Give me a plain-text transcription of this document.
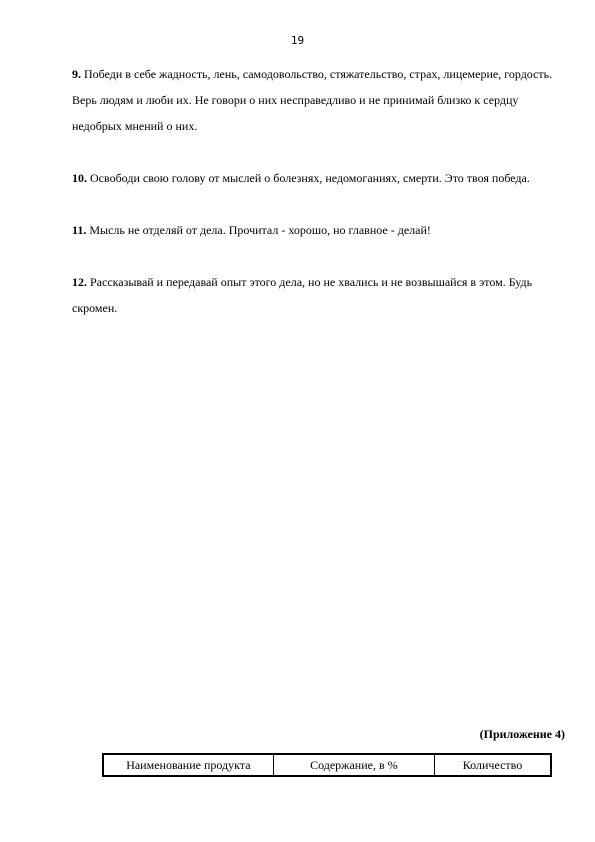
19

9. Победи в себе жадность, лень, самодовольство, стяжательство, страх, лицемерие, гордость. Верь людям и люби их. Не говори о них несправедливо и не принимай близко к сердцу недобрых мнений о них.

10. Освободи свою голову от мыслей о болезнях, недомоганиях, смерти. Это твоя победа.

11. Мысль не отделяй от дела. Прочитал - хорошо, но главное - делай!

12. Рассказывай и передавай опыт этого дела, но не хвались и не возвышайся в этом. Будь скромен.

(Приложение 4)
Наименование продукта	Содержание, в %	Количество
